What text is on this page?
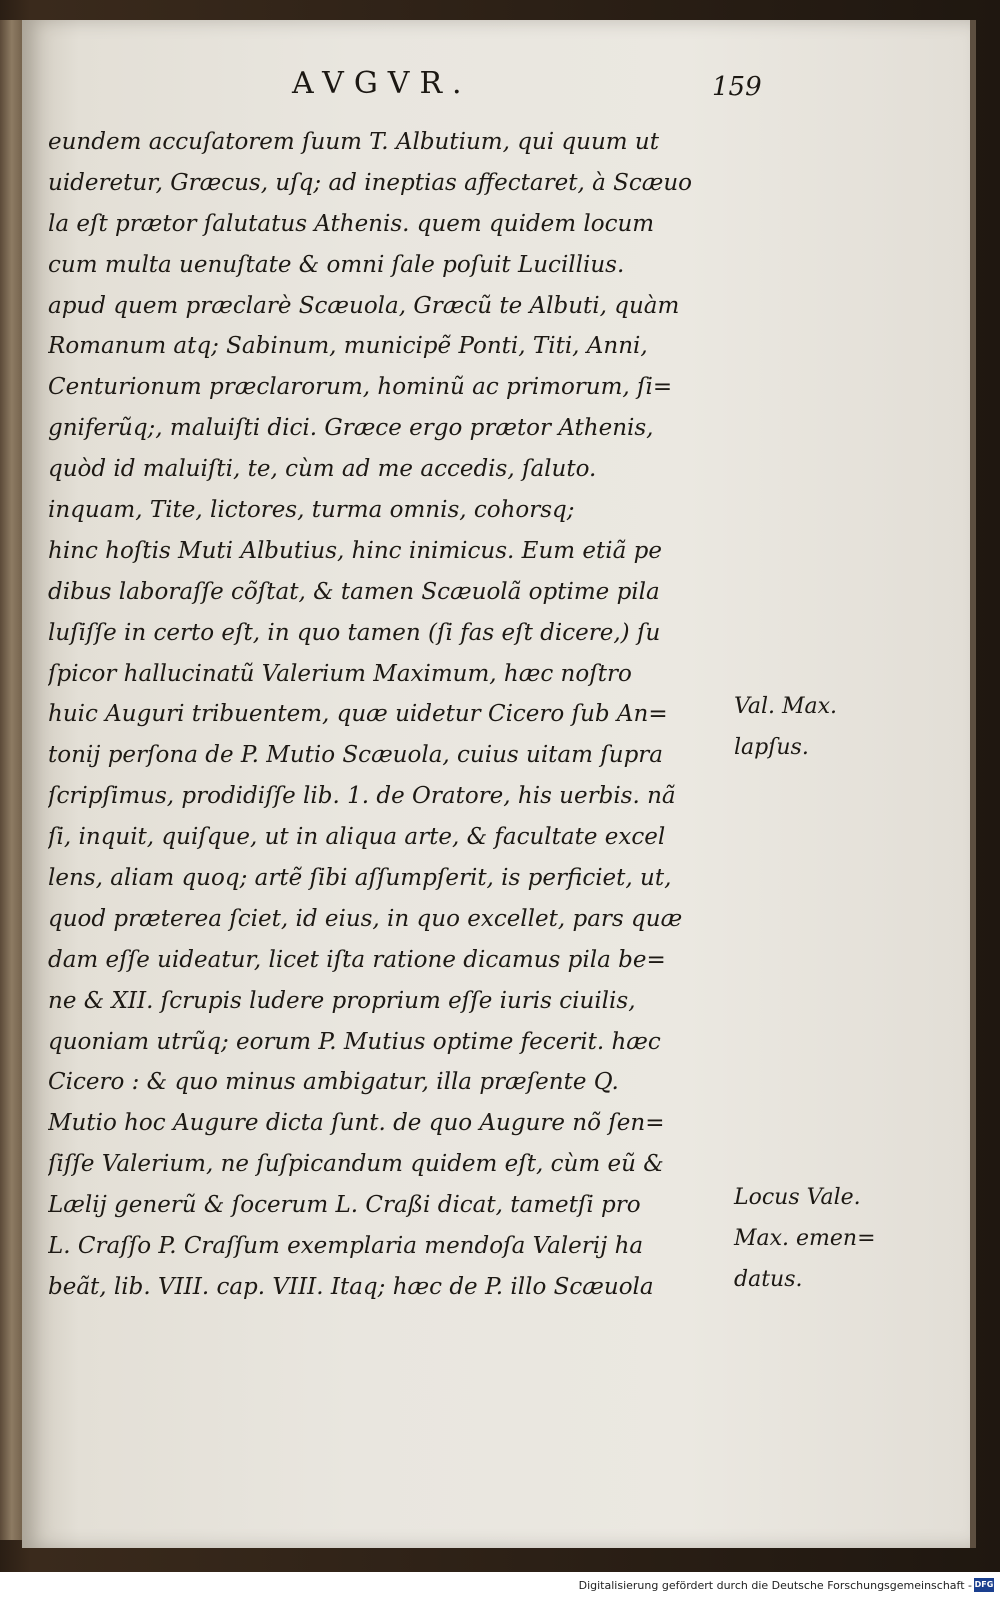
AVGVR.	159
eundem accuſatorem ſuum T. Albutium, qui quum ut
uideretur, Græcus, uſq; ad ineptias affectaret, à Scæuo
la eſt prætor ſalutatus Athenis. quem quidem locum
cum multa uenuſtate & omni ſale poſuit Lucillius.
apud quem præclarè Scæuola, Græcũ te Albuti, quàm
Romanum atq; Sabinum, municipẽ Ponti, Titi, Anni,
Centurionum præclarorum, hominũ ac primorum, ſi=
gniferũq;, maluiſti dici. Græce ergo prætor Athenis,
quòd id maluiſti, te, cùm ad me accedis, ſaluto.
inquam, Tite, lictores, turma omnis, cohorsq;
hinc hoſtis Muti Albutius, hinc inimicus. Eum etiã pe
dibus laboraſſe cõſtat, & tamen Scæuolã optime pila
luſiſſe in certo eſt, in quo tamen (ſi fas eſt dicere,) ſu
ſpicor hallucinatũ Valerium Maximum, hæc noſtro
huic Auguri tribuentem, quæ uidetur Cicero ſub An=
tonij perſona de P. Mutio Scæuola, cuius uitam ſupra
ſcripſimus, prodidiſſe lib. 1. de Oratore, his uerbis. nã
ſi, inquit, quiſque, ut in aliqua arte, & facultate excel
lens, aliam quoq; artẽ ſibi aſſumpſerit, is perficiet, ut,
quod præterea ſciet, id eius, in quo excellet, pars quæ
dam eſſe uideatur, licet iſta ratione dicamus pila be=
ne & XII. ſcrupis ludere proprium eſſe iuris ciuilis,
quoniam utrũq; eorum P. Mutius optime fecerit. hæc
Cicero : & quo minus ambigatur, illa præſente Q.
Mutio hoc Augure dicta ſunt. de quo Augure nõ ſen=
ſiſſe Valerium, ne ſuſpicandum quidem eſt, cùm eũ &
Lælij generũ & ſocerum L. Craßi dicat, tametſi pro
L. Craſſo P. Craſſum exemplaria mendoſa Valerij ha
beãt, lib. VIII. cap. VIII. Itaq; hæc de P. illo Scæuola
Val. Max.
lapſus.
Locus Vale.
Max. emen=
datus.
Digitalisierung gefördert durch die Deutsche Forschungsgemeinschaft - DFG
